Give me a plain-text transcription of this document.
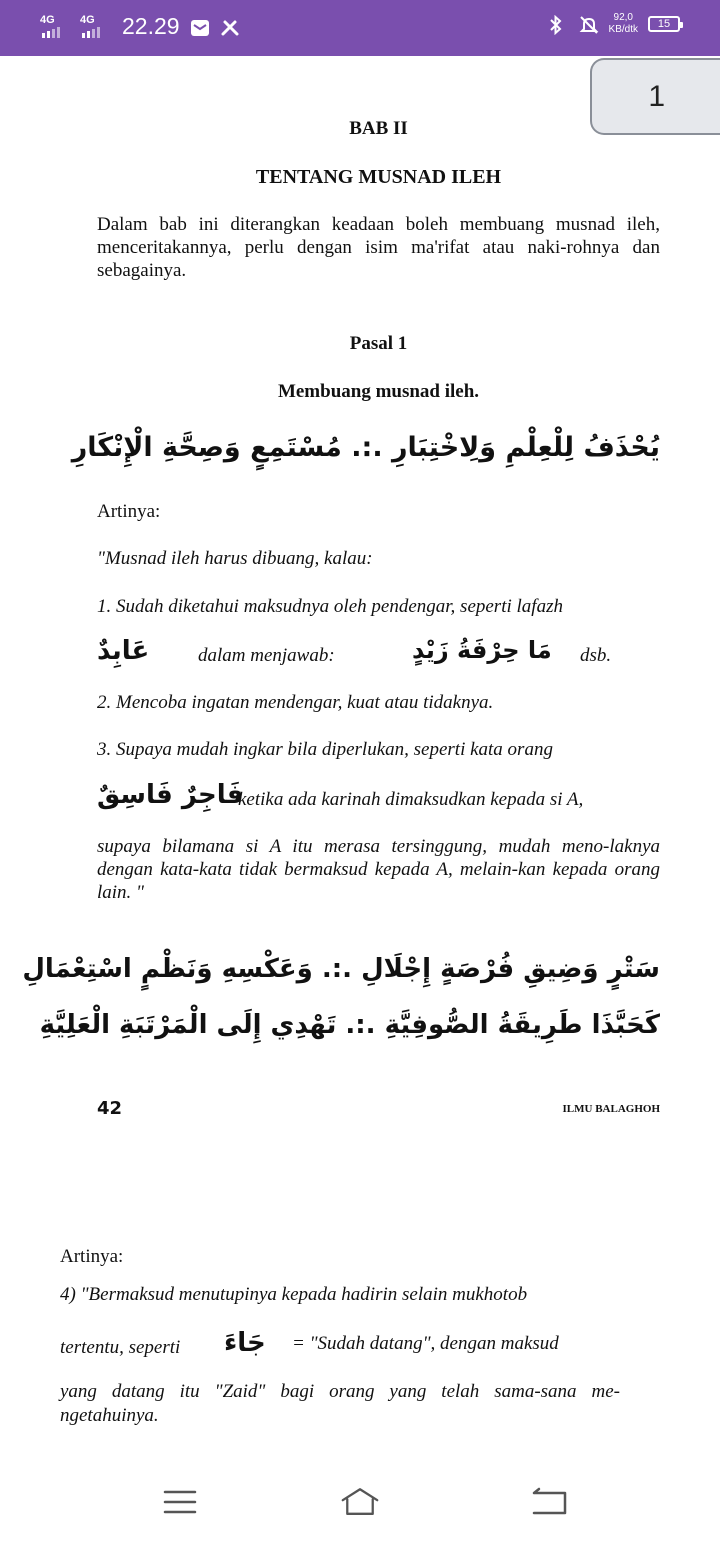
4G 4G 22.29	92,0
KB/dtk 15
1
BAB II
TENTANG MUSNAD ILEH
Dalam bab ini diterangkan keadaan boleh membuang musnad ileh, menceritakannya, perlu dengan isim ma'rifat atau naki-rohnya dan sebagainya.
Pasal 1
Membuang musnad ileh.
يُحْذَفُ لِلْعِلْمِ وَلِاخْتِبَارِ .:. مُسْتَمِعٍ وَصِحَّةِ الْإِنْكَارِ
Artinya:
"Musnad ileh harus dibuang, kalau:
1. Sudah diketahui maksudnya oleh pendengar, seperti lafazh
عَابِدٌ	dalam menjawab:	مَا حِرْفَةُ زَيْدٍ dsb.
2. Mencoba ingatan mendengar, kuat atau tidaknya.
3. Supaya mudah ingkar bila diperlukan, seperti kata orang
فَاجِرٌ فَاسِقٌ
ketika ada karinah dimaksudkan kepada si A,
supaya bilamana si A itu merasa tersinggung, mudah meno-laknya dengan kata-kata tidak bermaksud kepada A, melain-kan kepada orang lain. "
سَتْرٍ وَضِيقِ فُرْصَةٍ إِجْلَالِ .:. وَعَكْسِهِ وَنَظْمٍ اسْتِعْمَالِ
كَحَبَّذَا طَرِيقَةُ الصُّوفِيَّةِ .:. تَهْدِي إِلَى الْمَرْتَبَةِ الْعَلِيَّةِ
42	ILMU BALAGHOH
Artinya:
4) "Bermaksud menutupinya kepada hadirin selain mukhotob
tertentu, seperti	جَاءَ = "Sudah datang", dengan maksud
yang datang itu "Zaid" bagi orang yang telah sama-sana me-ngetahuinya.
